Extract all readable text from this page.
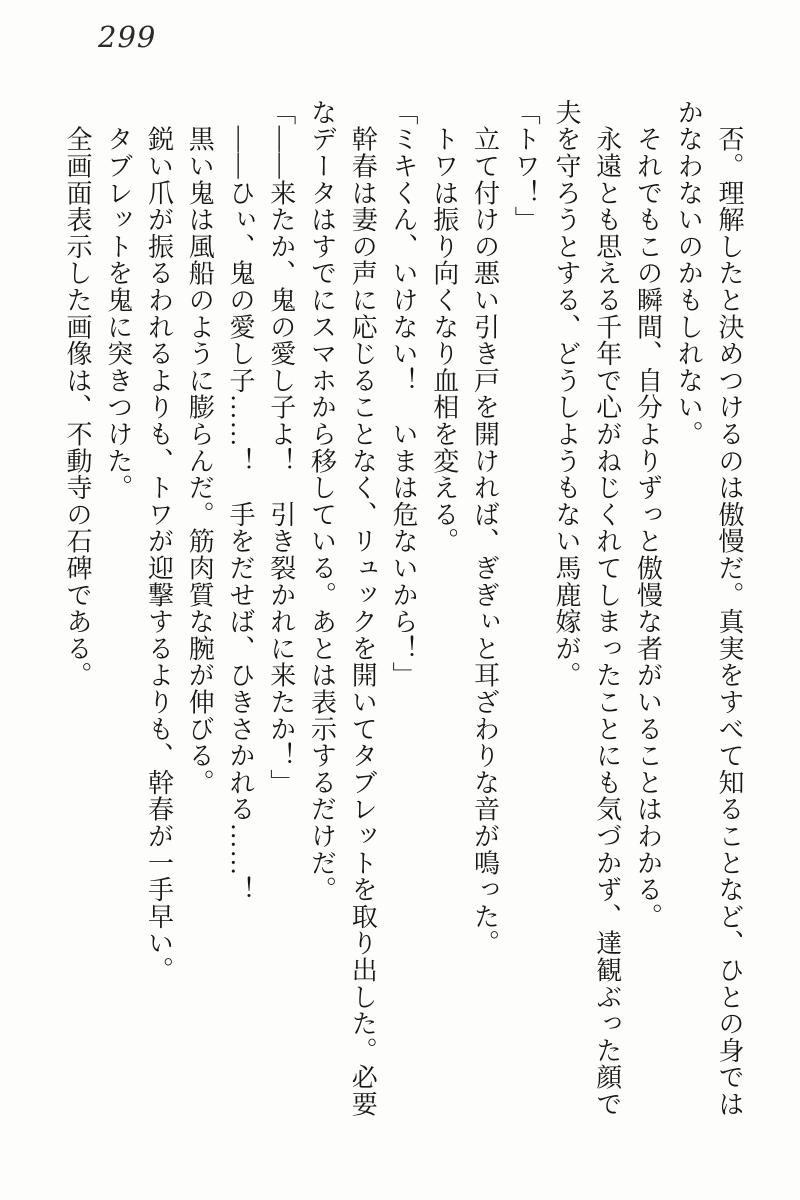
299

　否。理解したと決めつけるのは傲慢だ。真実をすべて知ることなど、ひとの身では

かなわないのかもしれない。

　それでもこの瞬間、自分よりずっと傲慢な者がいることはわかる。

　永遠とも思える千年で心がねじくれてしまったことにも気づかず、達観ぶった顔で

夫を守ろうとする、どうしようもない馬鹿嫁が。

「トワ！」

　立て付けの悪い引き戸を開ければ、ぎぎぃと耳ざわりな音が鳴った。

　トワは振り向くなり血相を変える。

「ミキくん、いけない！　いまは危ないから！」

　幹春は妻の声に応じることなく、リュックを開いてタブレットを取り出した。必要

なデータはすでにスマホから移している。あとは表示するだけだ。

「――来たか、鬼の愛し子よ！　引き裂かれに来たか！」

　――ひぃ、鬼の愛し子……！　手をだせば、ひきさかれる……！

　黒い鬼は風船のように膨らんだ。筋肉質な腕が伸びる。

　鋭い爪が振るわれるよりも、トワが迎撃するよりも、幹春が一手早い。

　タブレットを鬼に突きつけた。

　全画面表示した画像は、不動寺の石碑である。
